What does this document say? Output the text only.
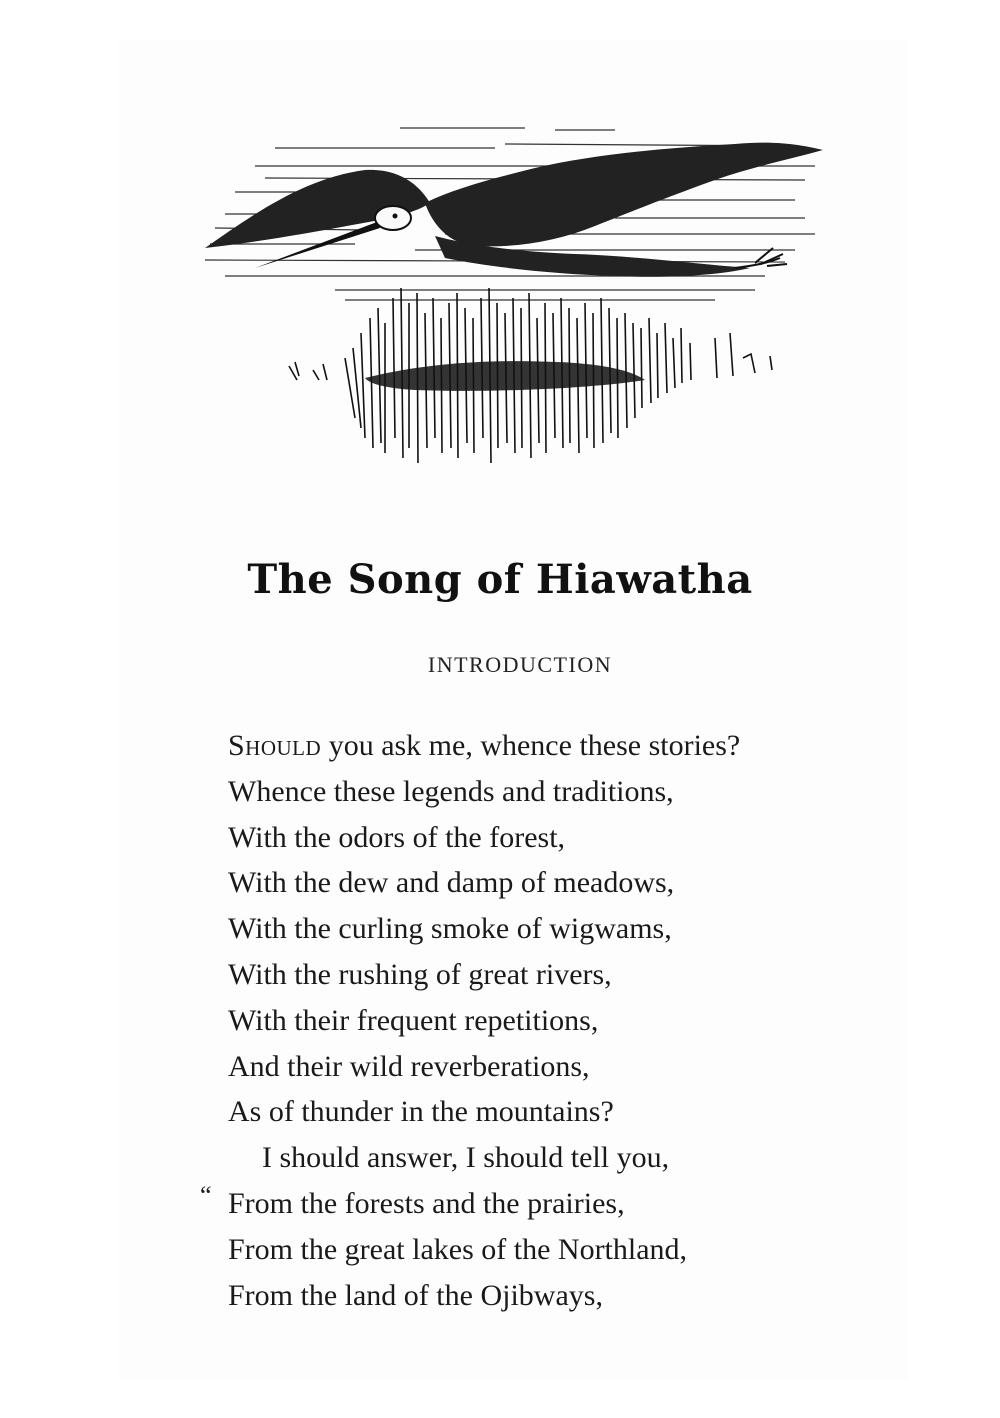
The Song of Hiawatha
INTRODUCTION
Should you ask me, whence these stories?
Whence these legends and traditions,
With the odors of the forest,
With the dew and damp of meadows,
With the curling smoke of wigwams,
With the rushing of great rivers,
With their frequent repetitions,
And their wild reverberations,
As of thunder in the mountains?
I should answer, I should tell you,
“ From the forests and the prairies,
From the great lakes of the Northland,
From the land of the Ojibways,
